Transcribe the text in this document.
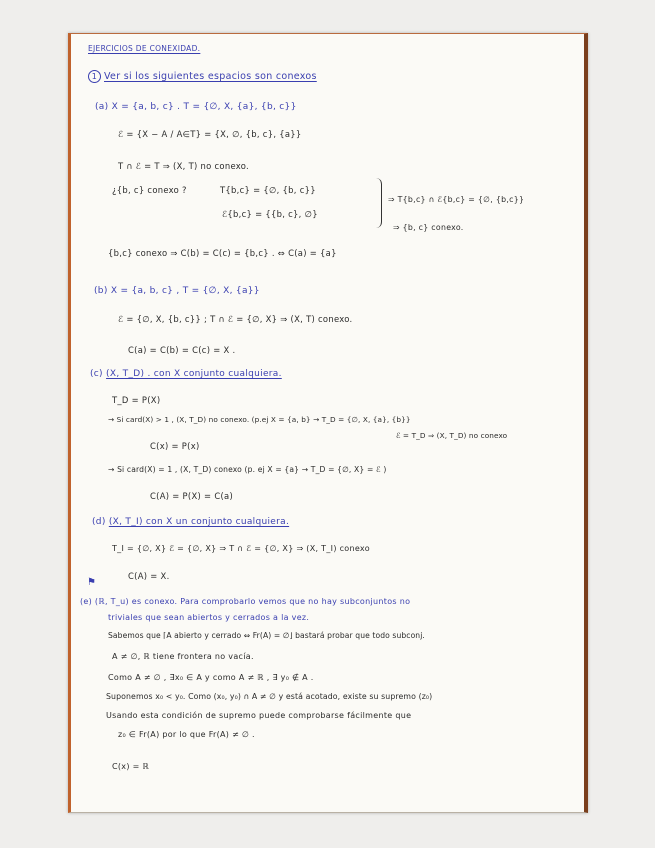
EJERCICIOS DE CONEXIDAD.
1 Ver si los siguientes espacios son conexos
(a) X = {a, b, c} . T = {∅, X, {a}, {b, c}}
ℰ = {X − A / A∈T} = {X, ∅, {b, c}, {a}}
T ∩ ℰ = T ⇒ (X, T) no conexo.
¿{b, c} conexo ?	T{b,c} = {∅, {b, c}}
ℰ{b,c} = {{b, c}, ∅}
⇒ T{b,c} ∩ ℰ{b,c} = {∅, {b,c}}
⇒ {b, c} conexo.
{b,c} conexo ⇒ C(b) = C(c) = {b,c} . ⇔ C(a) = {a}
(b) X = {a, b, c} , T = {∅, X, {a}}
ℰ = {∅, X, {b, c}} ; T ∩ ℰ = {∅, X} ⇒ (X, T) conexo.
C(a) = C(b) = C(c) = X .
(c) (X, T_D) . con X conjunto cualquiera.
T_D = P(X)
→ Si card(X) > 1 , (X, T_D) no conexo. (p.ej X = {a, b} → T_D = {∅, X, {a}, {b}}
ℰ = T_D ⇒ (X, T_D) no conexo
C(x) = P(x)
→ Si card(X) = 1 , (X, T_D) conexo (p. ej X = {a} → T_D = {∅, X} = ℰ )
C(A) = P(X) = C(a)
(d) (X, T_I) con X un conjunto cualquiera.
T_I = {∅, X} ℰ = {∅, X} ⇒ T ∩ ℰ = {∅, X} ⇒ (X, T_I) conexo
C(A) = X.
⚑
(e) (ℝ, T_u) es conexo. Para comprobarlo vemos que no hay subconjuntos no
triviales que sean abiertos y cerrados a la vez.
Sabemos que ⌈A abierto y cerrado ⇔ Fr(A) = ∅⌋ bastará probar que todo subconj.
A ≠ ∅, ℝ tiene frontera no vacía.
Como A ≠ ∅ , ∃x₀ ∈ A y como A ≠ ℝ , ∃ y₀ ∉ A .
Suponemos x₀ < y₀. Como (x₀, y₀) ∩ A ≠ ∅ y está acotado, existe su supremo (z₀)
Usando esta condición de supremo puede comprobarse fácilmente que
z₀ ∈ Fr(A) por lo que Fr(A) ≠ ∅ .
C(x) = ℝ
